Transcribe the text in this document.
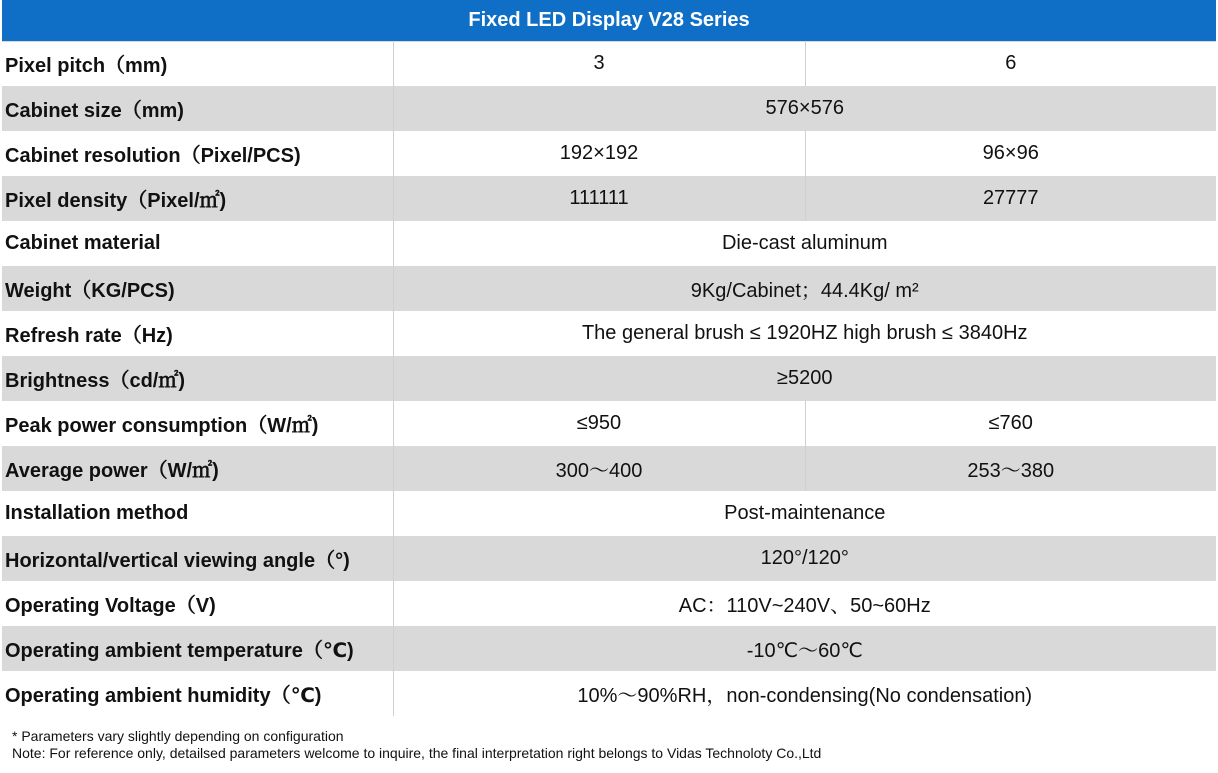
Fixed LED Display V28 Series		
Pixel pitch（mm)	3	6
Cabinet size（mm)	576×576	
Cabinet resolution（Pixel/PCS)	192×192	96×96
Pixel density（Pixel/㎡)	111111	27777
Cabinet material	Die-cast aluminum	
Weight（KG/PCS)	9Kg/Cabinet；44.4Kg/ m²	
Refresh rate（Hz)	The general brush ≤ 1920HZ high brush ≤ 3840Hz	
Brightness（cd/㎡)	≥5200	
Peak power consumption（W/㎡)	≤950	≤760
Average power（W/㎡)	300～400	253～380
Installation method	Post-maintenance	
Horizontal/vertical viewing angle（°)	120°/120°	
Operating Voltage（V)	AC：110V~240V、50~60Hz	
Operating ambient temperature（℃)	-10℃～60℃	
Operating ambient humidity（℃)	10%～90%RH，non-condensing(No condensation)	
* Parameters vary slightly depending on configuration
Note: For reference only, detailsed parameters welcome to inquire, the final interpretation right belongs to Vidas Technoloty Co.,Ltd
